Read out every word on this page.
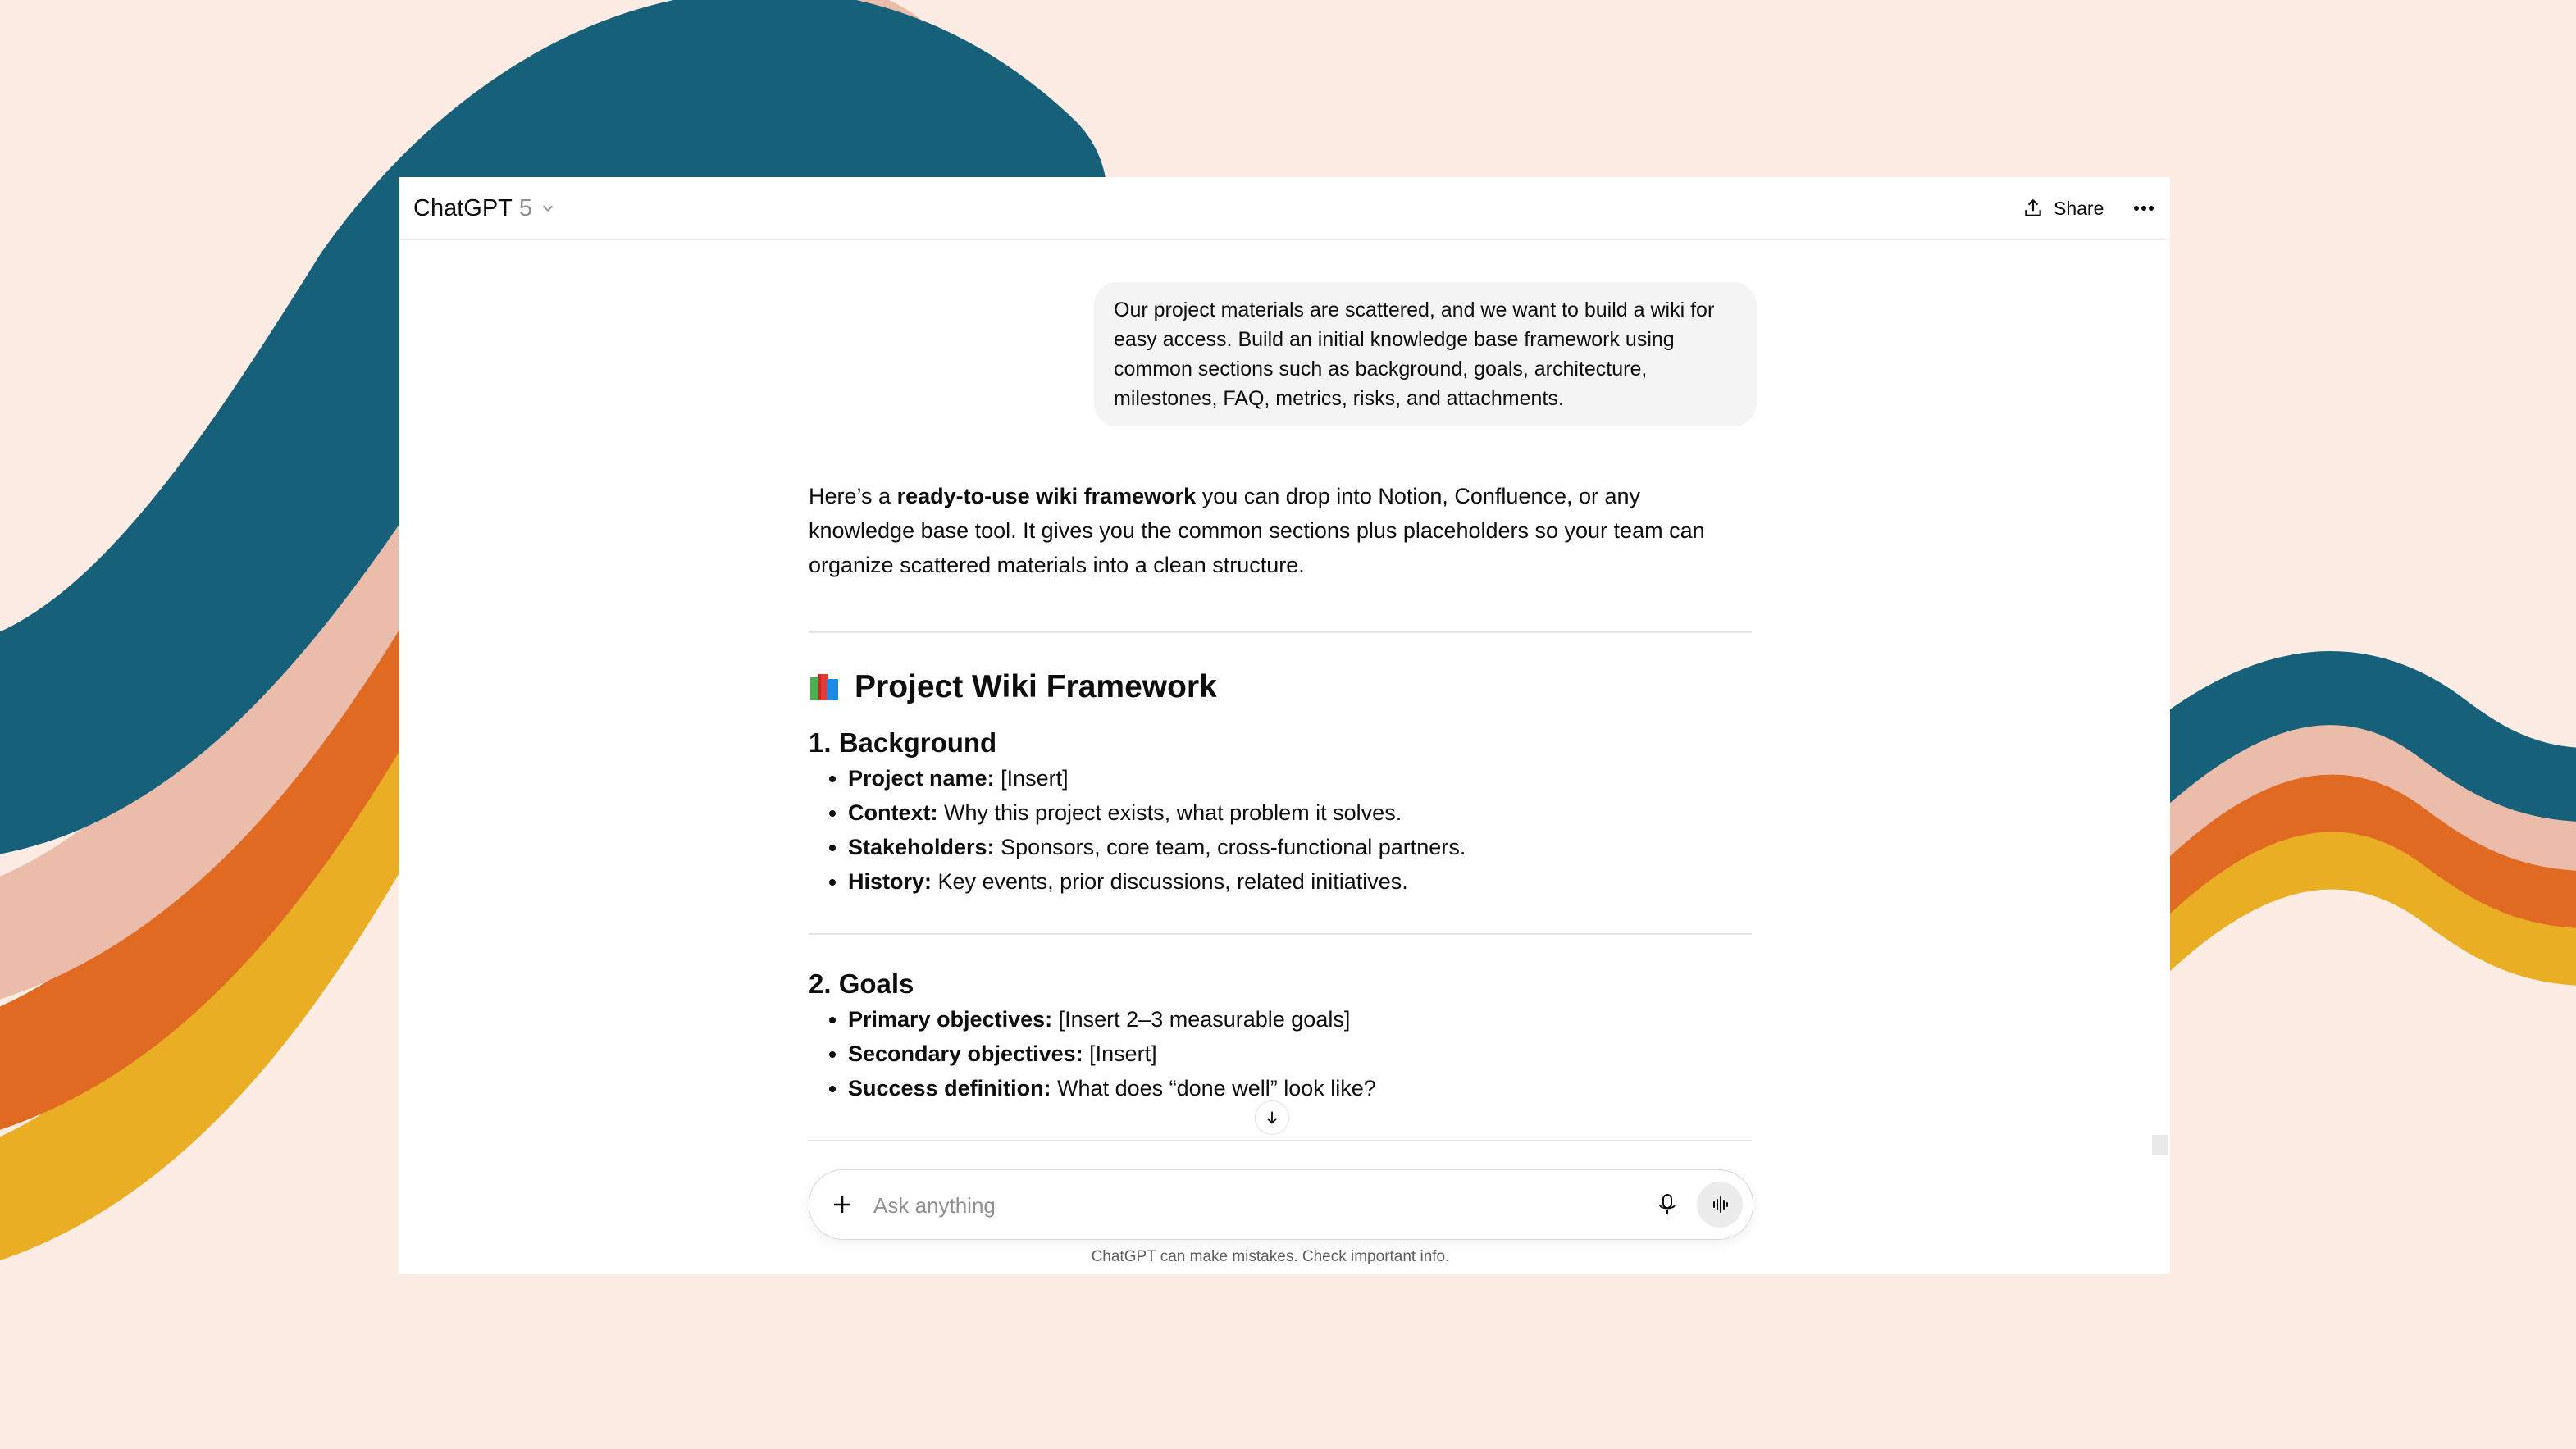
ChatGPT 5	Share
Our project materials are scattered, and we want to build a wiki for easy access. Build an initial knowledge base framework using common sections such as background, goals, architecture, milestones, FAQ, metrics, risks, and attachments.

Here’s a ready-to-use wiki framework you can drop into Notion, Confluence, or any knowledge base tool. It gives you the common sections plus placeholders so your team can organize scattered materials into a clean structure.

Project Wiki Framework
1. Background
• Project name: [Insert]
• Context: Why this project exists, what problem it solves.
• Stakeholders: Sponsors, core team, cross-functional partners.
• History: Key events, prior discussions, related initiatives.
2. Goals
• Primary objectives: [Insert 2–3 measurable goals]
• Secondary objectives: [Insert]
• Success definition: What does “done well” look like?
Ask anything
ChatGPT can make mistakes. Check important info.
